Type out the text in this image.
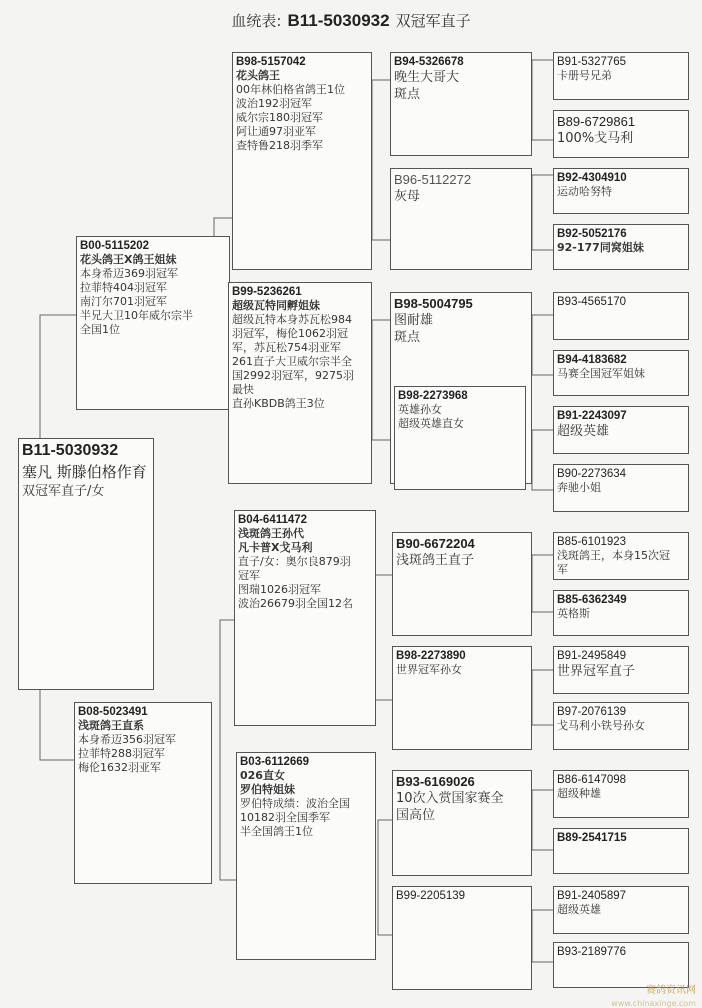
血统表: B11-5030932 双冠军直子
B11-5030932
塞凡 斯滕伯格作育
双冠军直子/女
B00-5115202
花头鸽王X鸽王姐妹
本身希迈369羽冠军
拉菲特404羽冠军
南汀尔701羽冠军
半兄大卫10年威尔宗半
全国1位
B08-5023491
浅斑鸽王直系
本身希迈356羽冠军
拉菲特288羽冠军
梅伦1632羽亚军
B98-5157042
花头鸽王
00年林伯格省鸽王1位
波治192羽冠军
威尔宗180羽冠军
阿让通97羽亚军
查特鲁218羽季军
B99-5236261
超级瓦特同孵姐妹
超级瓦特本身苏瓦松984
羽冠军，梅伦1062羽冠
军，苏瓦松754羽亚军
261直子大卫威尔宗半全
国2992羽冠军，9275羽
最快
直孙KBDB鸽王3位
B04-6411472
浅斑鸽王孙代
凡卡普X戈马利
直子/女：奥尔良879羽
冠军
图瑞1026羽冠军
波治26679羽全国12名
B03-6112669
026直女
罗伯特姐妹
罗伯特成绩：波治全国
10182羽全国季军
半全国鸽王1位
B94-5326678
晚生大哥大
斑点
B96-5112272
灰母
B98-5004795
图耐雄
斑点
B98-2273968
英雄孙女
超级英雄直女
B90-6672204
浅斑鸽王直子
B98-2273890
世界冠军孙女
B93-6169026
10次入赏国家赛全
国高位
B99-2205139
B91-5327765
卡册号兄弟
B89-6729861
100%戈马利
B92-4304910
运动哈努特
B92-5052176
92-177同窝姐妹
B93-4565170
B94-4183682
马赛全国冠军姐妹
B91-2243097
超级英雄
B90-2273634
奔驰小姐
B85-6101923
浅斑鸽王，本身15次冠
军
B85-6362349
英格斯
B91-2495849
世界冠军直子
B97-2076139
戈马利小铁号孙女
B86-6147098
超级种雄
B89-2541715
B91-2405897
超级英雄
B93-2189776
赛鸽资讯网
www.chinaxinge.com
